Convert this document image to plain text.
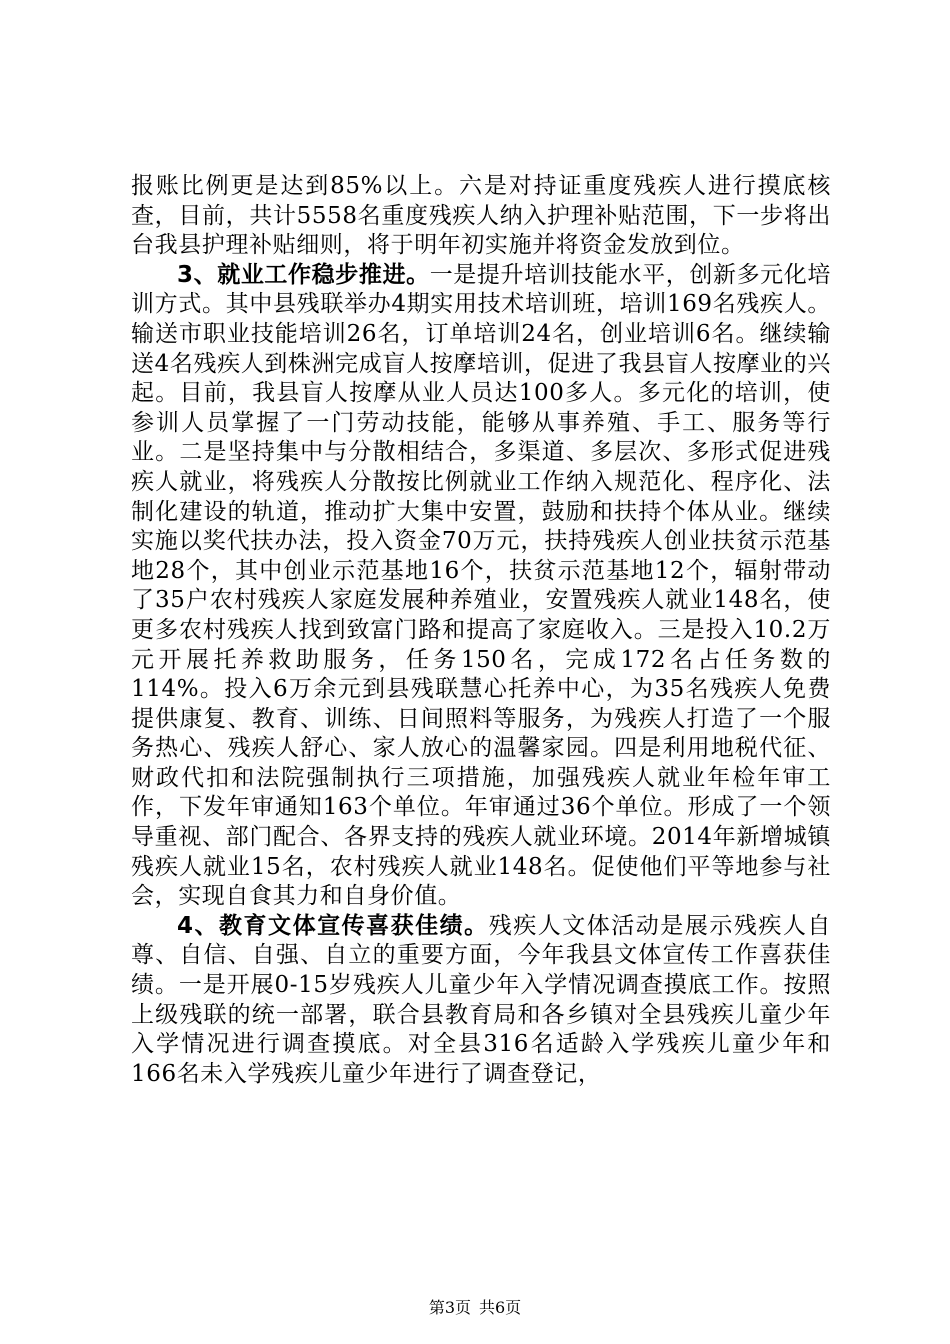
报账比例更是达到85%以上。六是对持证重度残疾人进行摸底核查，目前，共计5558名重度残疾人纳入护理补贴范围，下一步将出台我县护理补贴细则，将于明年初实施并将资金发放到位。

3、就业工作稳步推进。一是提升培训技能水平，创新多元化培训方式。其中县残联举办4期实用技术培训班，培训169名残疾人。输送市职业技能培训26名，订单培训24名，创业培训6名。继续输送4名残疾人到株洲完成盲人按摩培训，促进了我县盲人按摩业的兴起。目前，我县盲人按摩从业人员达100多人。多元化的培训，使参训人员掌握了一门劳动技能，能够从事养殖、手工、服务等行业。二是坚持集中与分散相结合，多渠道、多层次、多形式促进残疾人就业，将残疾人分散按比例就业工作纳入规范化、程序化、法制化建设的轨道，推动扩大集中安置，鼓励和扶持个体从业。继续实施以奖代扶办法，投入资金70万元，扶持残疾人创业扶贫示范基地28个，其中创业示范基地16个，扶贫示范基地12个，辐射带动了35户农村残疾人家庭发展种养殖业，安置残疾人就业148名，使更多农村残疾人找到致富门路和提高了家庭收入。三是投入10.2万元开展托养救助服务，任务150名，完成172名占任务数的114%。投入6万余元到县残联慧心托养中心，为35名残疾人免费提供康复、教育、训练、日间照料等服务，为残疾人打造了一个服务热心、残疾人舒心、家人放心的温馨家园。四是利用地税代征、财政代扣和法院强制执行三项措施，加强残疾人就业年检年审工作，下发年审通知163个单位。年审通过36个单位。形成了一个领导重视、部门配合、各界支持的残疾人就业环境。2014年新增城镇残疾人就业15名，农村残疾人就业148名。促使他们平等地参与社会，实现自食其力和自身价值。

4、教育文体宣传喜获佳绩。残疾人文体活动是展示残疾人自尊、自信、自强、自立的重要方面，今年我县文体宣传工作喜获佳绩。一是开展0-15岁残疾人儿童少年入学情况调查摸底工作。按照上级残联的统一部署，联合县教育局和各乡镇对全县残疾儿童少年入学情况进行调查摸底。对全县316名适龄入学残疾儿童少年和166名未入学残疾儿童少年进行了调查登记，

第3页 共6页
